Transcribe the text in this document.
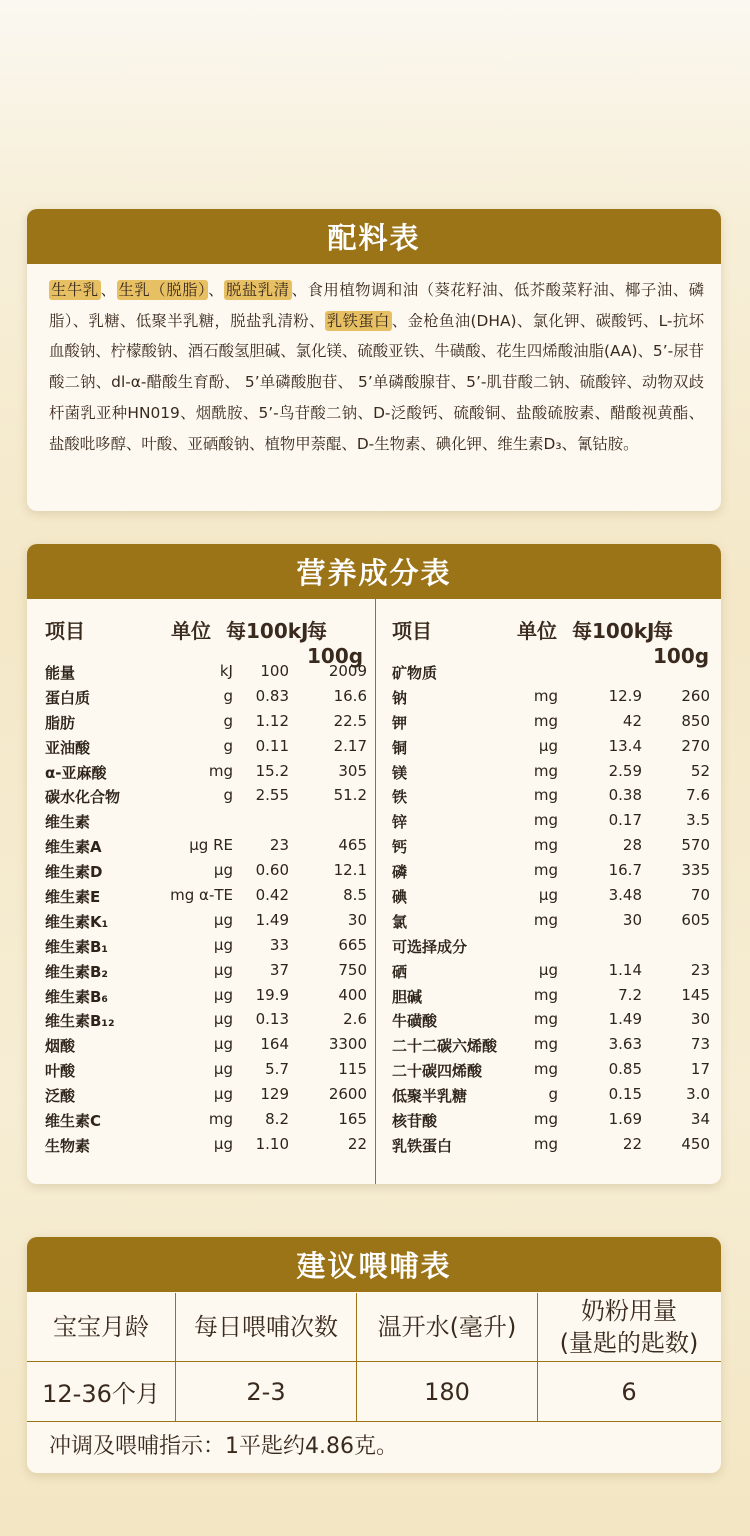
配料表
生牛乳 、 生乳（脱脂） 、 脱盐乳清 、食用植物调和油（葵花籽油、低芥酸菜籽油、椰子油、磷脂）、乳糖、低聚半乳糖，脱盐乳清粉、 乳铁蛋白 、金枪鱼油(DHA)、氯化钾、碳酸钙、L-抗坏血酸钠、柠檬酸钠、酒石酸氢胆碱、氯化镁、硫酸亚铁、牛磺酸、花生四烯酸油脂(AA)、5’-尿苷酸二钠、dl-α-醋酸生育酚、 5’单磷酸胞苷、 5’单磷酸腺苷、5’-肌苷酸二钠、硫酸锌、动物双歧杆菌乳亚种HN019、烟酰胺、5’-鸟苷酸二钠、D-泛酸钙、硫酸铜、盐酸硫胺素、醋酸视黄酯、盐酸吡哆醇、叶酸、亚硒酸钠、植物甲萘醌、D-生物素、碘化钾、维生素D₃、氰钴胺。
营养成分表
项目	单位 每100kJ
每100g
能量	kJ 100	2009
蛋白质	g 0.83	16.6
脂肪	g 1.12	22.5
亚油酸	g 0.11	2.17
α-亚麻酸	mg 15.2	305
碳水化合物	g 2.55	51.2
维生素
维生素A	µg RE 23	465
维生素D	µg 0.60	12.1
维生素E	mg α-TE 0.42	8.5
维生素K₁	µg 1.49	30
维生素B₁	µg 33	665
维生素B₂	µg 37	750
维生素B₆	µg 19.9	400
维生素B₁₂	µg 0.13	2.6
烟酸	µg 164	3300
叶酸	µg 5.7	115
泛酸	µg 129	2600
维生素C	mg 8.2	165
生物素	µg 1.10	22
项目	单位 每100kJ
每100g
矿物质
钠	mg	12.9	260
钾	mg	42	850
铜	µg	13.4	270
镁	mg	2.59	52
铁	mg	0.38	7.6
锌	mg	0.17	3.5
钙	mg	28	570
磷	mg	16.7	335
碘	µg	3.48	70
氯	mg	30	605
可选择成分
硒	µg	1.14	23
胆碱	mg	7.2	145
牛磺酸	mg	1.49	30
二十二碳六烯酸 mg	3.63	73
二十碳四烯酸	mg	0.85	17
低聚半乳糖	g	0.15	3.0
核苷酸	mg	1.69	34
乳铁蛋白	mg	22	450
建议喂哺表
宝宝月龄	每日喂哺次数	温开水(毫升)
奶粉用量
(量匙的匙数)
12-36个月	2-3	180	6
冲调及喂哺指示：1平匙约4.86克。
